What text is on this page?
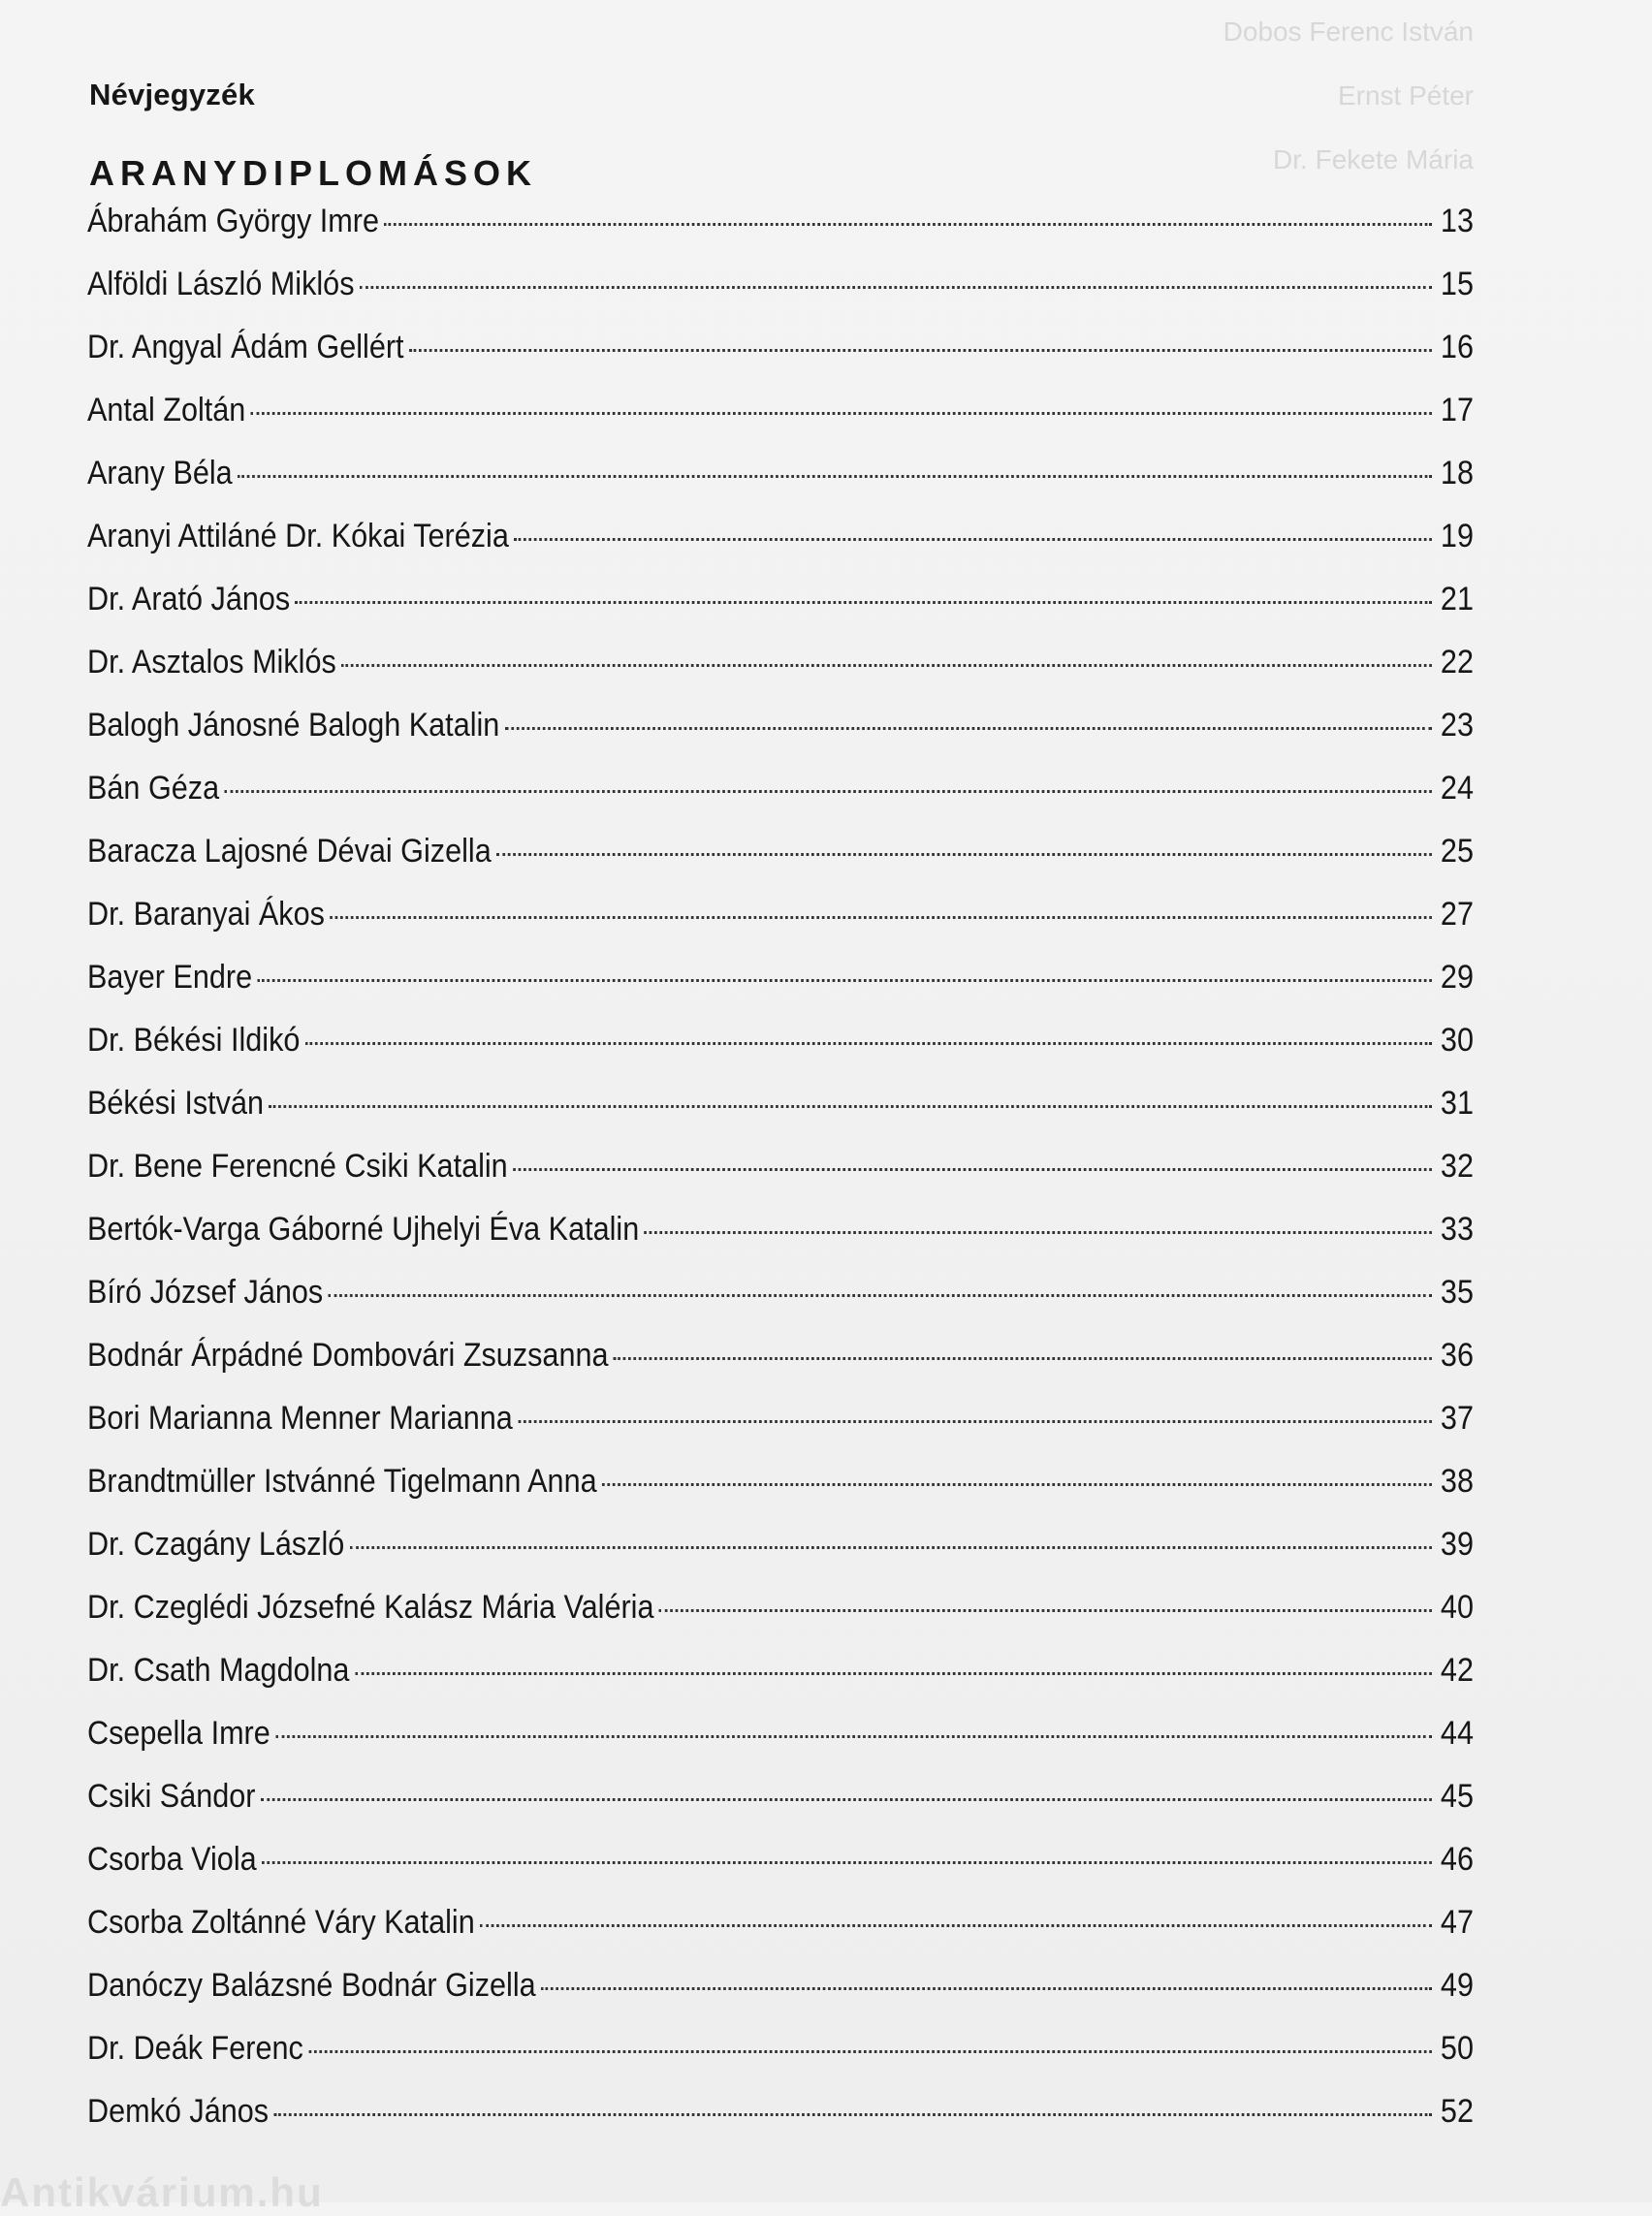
Dobos Ferenc István
Ernst Péter
Dr. Fekete Mária
Névjegyzék
ARANYDIPLOMÁSOK
Ábrahám György Imre	13
Alföldi László Miklós	15
Dr. Angyal Ádám Gellért	16
Antal Zoltán	17
Arany Béla	18
Aranyi Attiláné Dr. Kókai Terézia	19
Dr. Arató János	21
Dr. Asztalos Miklós	22
Balogh Jánosné Balogh Katalin	23
Bán Géza	24
Baracza Lajosné Dévai Gizella	25
Dr. Baranyai Ákos	27
Bayer Endre	29
Dr. Békési Ildikó	30
Békési István	31
Dr. Bene Ferencné Csiki Katalin	32
Bertók-Varga Gáborné Ujhelyi Éva Katalin	33
Bíró József János	35
Bodnár Árpádné Dombovári Zsuzsanna	36
Bori Marianna Menner Marianna	37
Brandtmüller Istvánné Tigelmann Anna	38
Dr. Czagány László	39
Dr. Czeglédi Józsefné Kalász Mária Valéria	40
Dr. Csath Magdolna	42
Csepella Imre	44
Csiki Sándor	45
Csorba Viola	46
Csorba Zoltánné Váry Katalin	47
Danóczy Balázsné Bodnár Gizella	49
Dr. Deák Ferenc	50
Demkó János	52
Antikvárium.hu
